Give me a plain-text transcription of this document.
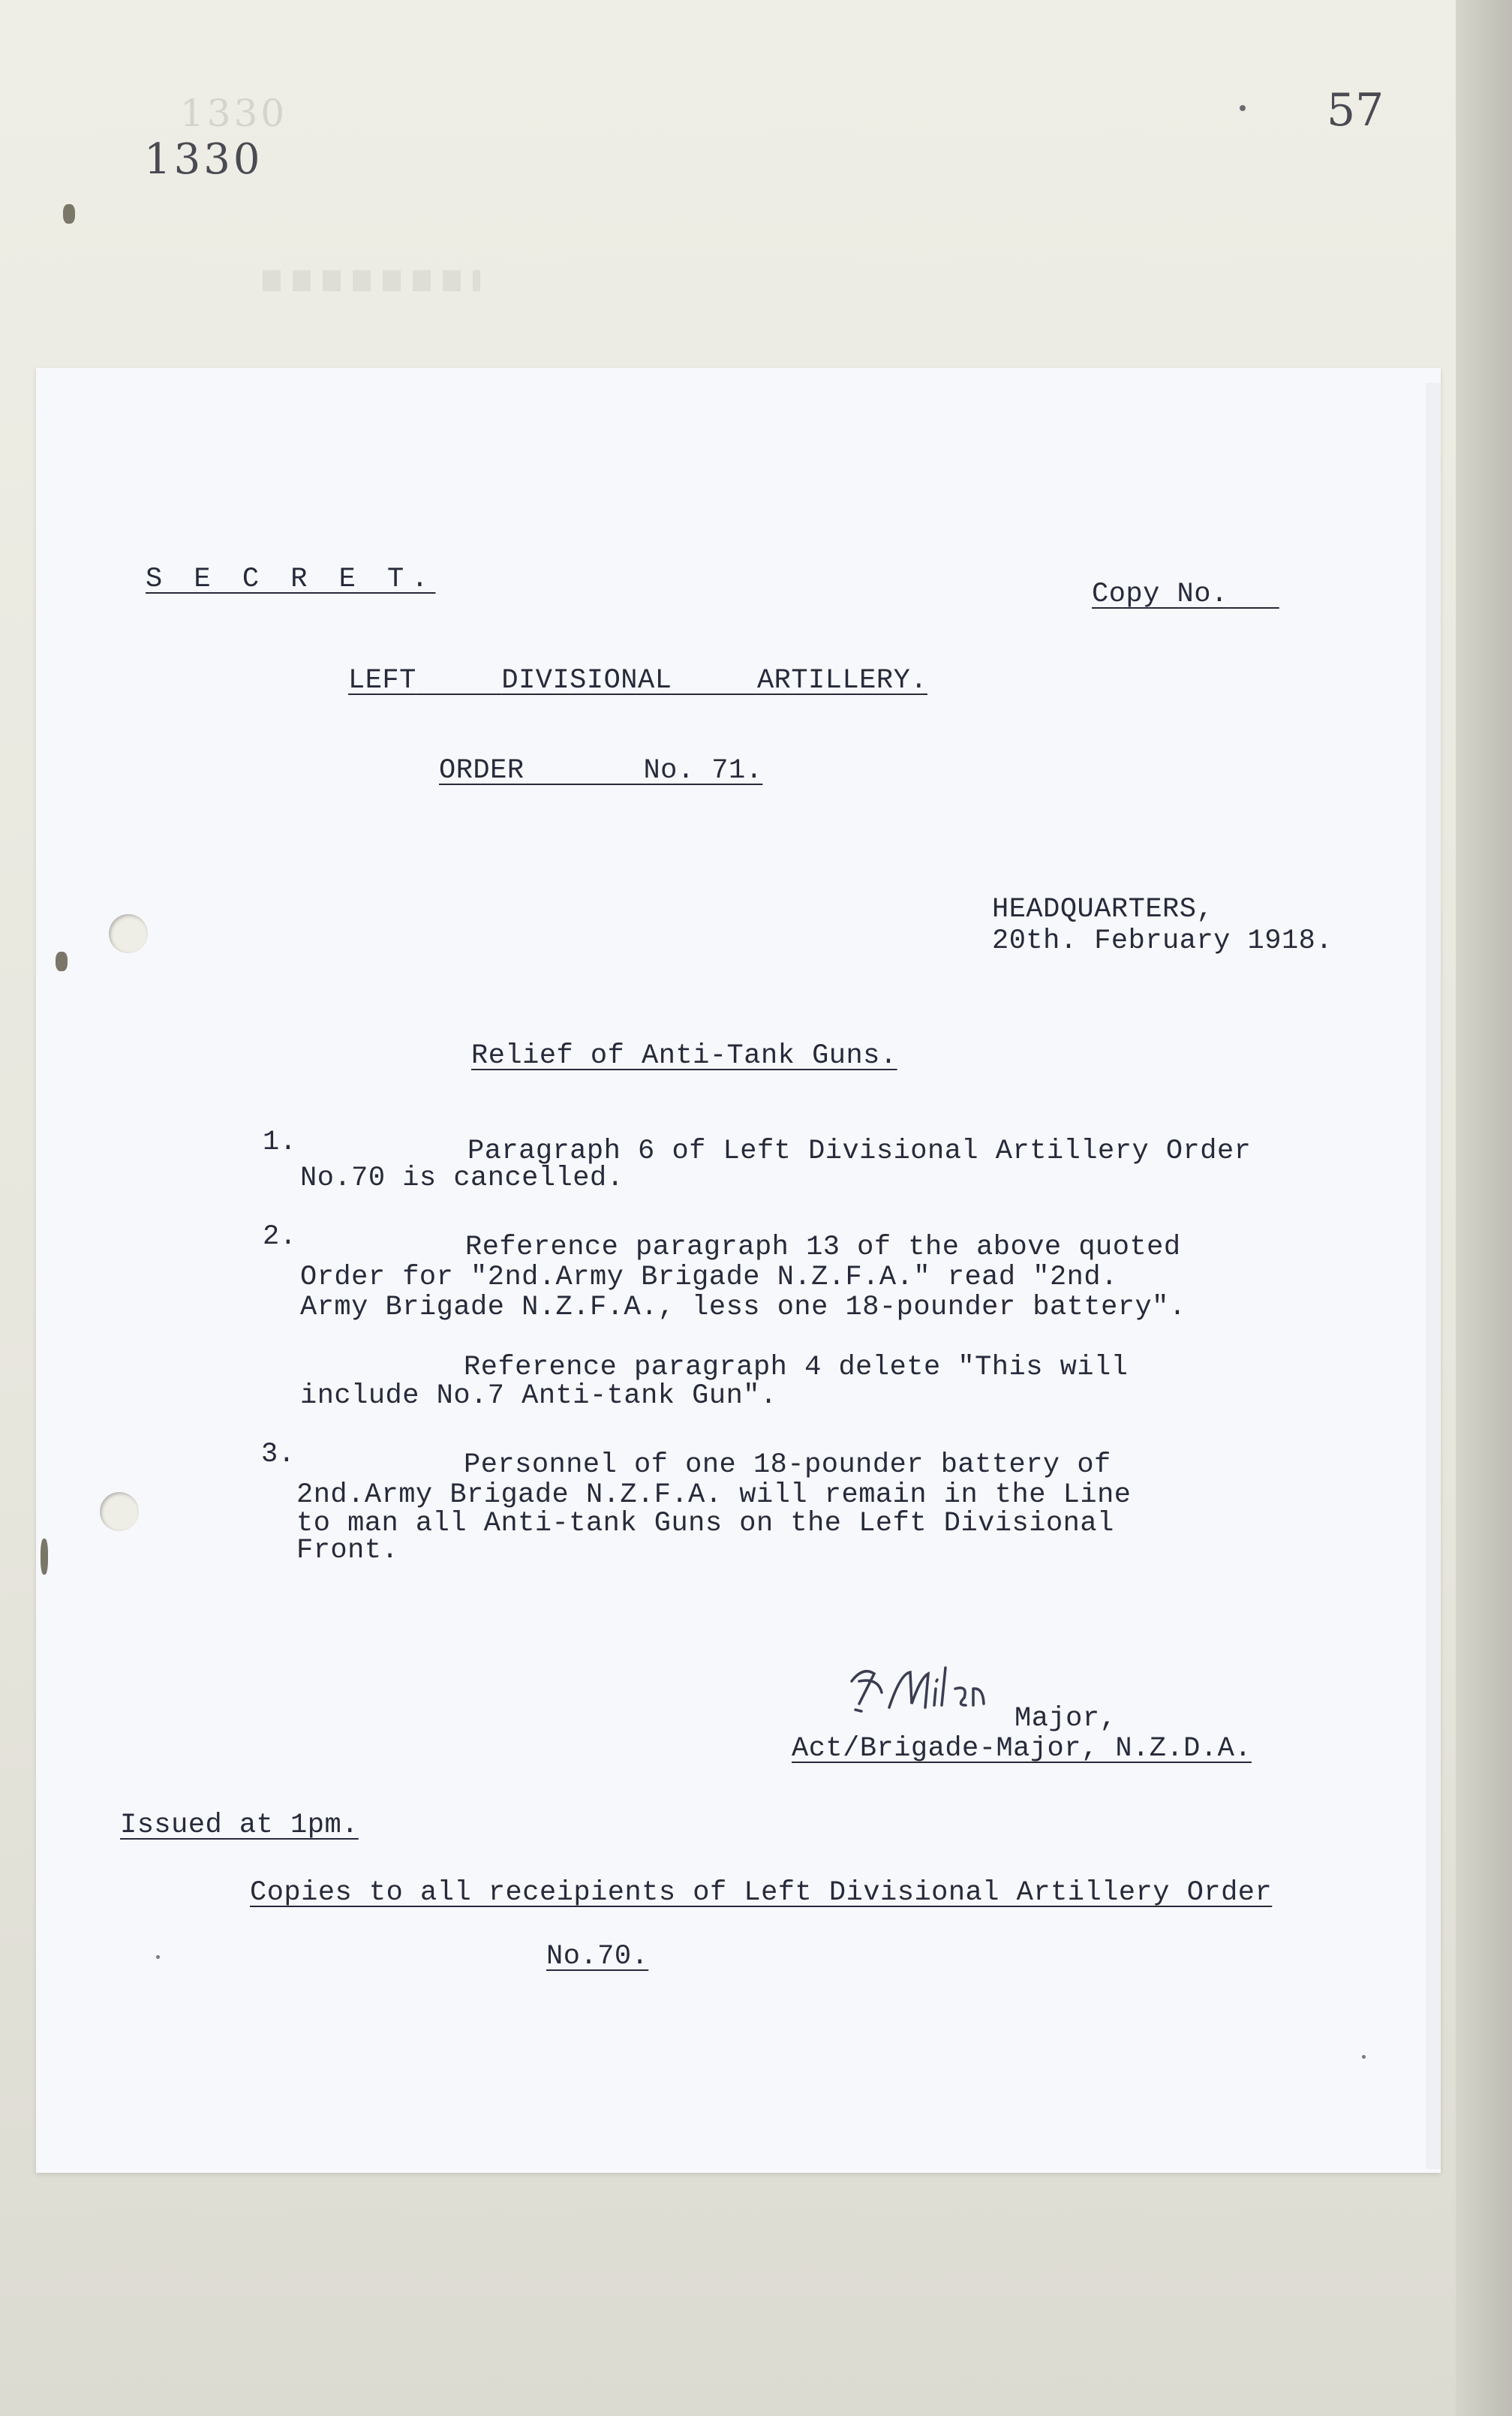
1330
1330
57
S E C R E T.	Copy No.
LEFT	DIVISIONAL	ARTILLERY.
ORDER	No. 71.
HEADQUARTERS,
20th. February 1918.
Relief of Anti-Tank Guns.
1.	Paragraph 6 of Left Divisional Artillery Order
No.70 is cancelled.
2.	Reference paragraph 13 of the above quoted
Order for "2nd.Army Brigade N.Z.F.A." read "2nd.
Army Brigade N.Z.F.A., less one 18-pounder battery".
Reference paragraph 4 delete "This will
include No.7 Anti-tank Gun".
3.	Personnel of one 18-pounder battery of
2nd.Army Brigade N.Z.F.A. will remain in the Line
to man all Anti-tank Guns on the Left Divisional
Front.
Major,
Act/Brigade-Major, N.Z.D.A.
Issued at 1pm.
Copies to all receipients of Left Divisional Artillery Order
No.70.
